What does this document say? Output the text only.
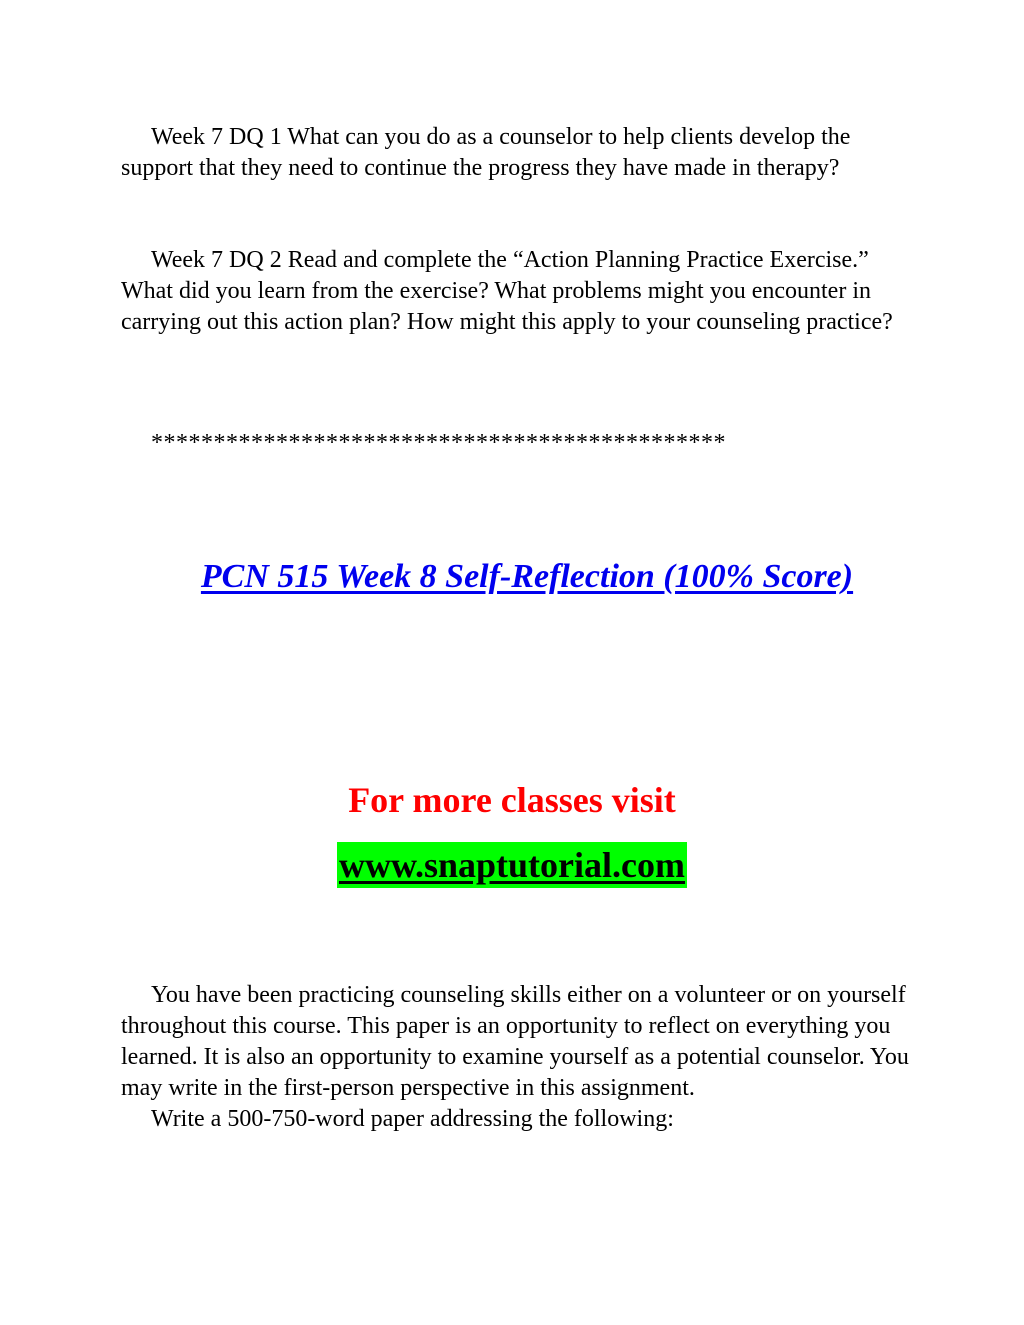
Week 7 DQ 1 What can you do as a counselor to help clients develop the support that they need to continue the progress they have made in therapy?

Week 7 DQ 2 Read and complete the “Action Planning Practice Exercise.” What did you learn from the exercise? What problems might you encounter in carrying out this action plan? How might this apply to your counseling practice?

**********************************************

PCN 515 Week 8 Self-Reflection (100% Score)

For more classes visit

www.snaptutorial.com

You have been practicing counseling skills either on a volunteer or on yourself throughout this course. This paper is an opportunity to reflect on everything you learned. It is also an opportunity to examine yourself as a potential counselor. You may write in the first-person perspective in this assignment.
Write a 500-750-word paper addressing the following:
